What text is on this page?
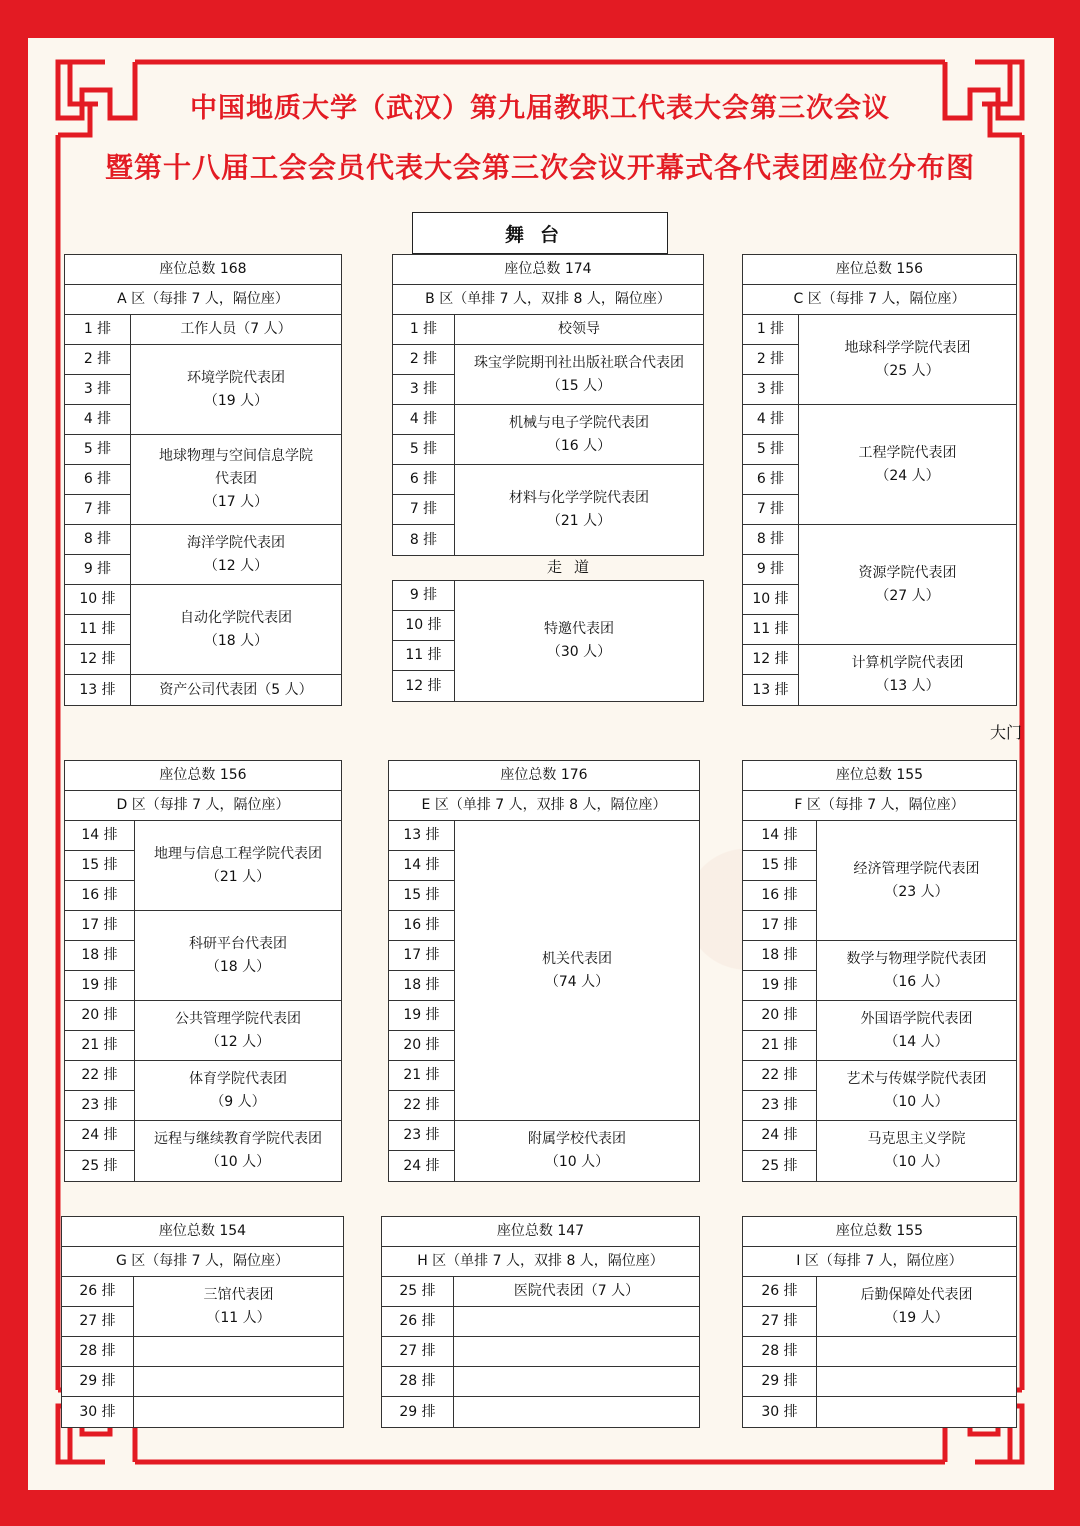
中国地质大学（武汉）第九届教职工代表大会第三次会议
暨第十八届工会会员代表大会第三次会议开幕式各代表团座位分布图
舞台
走道
大门
座位总数 168
A 区（每排 7 人，隔位座）
1 排
2 排
3 排
4 排
5 排
6 排
7 排
8 排
9 排
10 排
11 排
12 排
13 排
工作人员（7 人）
环境学院代表团
（19 人）
地球物理与空间信息学院
代表团
（17 人）
海洋学院代表团
（12 人）
自动化学院代表团
（18 人）
资产公司代表团（5 人）
座位总数 174
B 区（单排 7 人，双排 8 人，隔位座）
1 排
2 排
3 排
4 排
5 排
6 排
7 排
8 排
校领导
珠宝学院期刊社出版社联合代表团
（15 人）
机械与电子学院代表团
（16 人）
材料与化学学院代表团
（21 人）
9 排
10 排
11 排
12 排
特邀代表团
（30 人）
座位总数 156
C 区（每排 7 人，隔位座）
1 排
2 排
3 排
4 排
5 排
6 排
7 排
8 排
9 排
10 排
11 排
12 排
13 排
地球科学学院代表团
（25 人）
工程学院代表团
（24 人）
资源学院代表团
（27 人）
计算机学院代表团
（13 人）
座位总数 156
D 区（每排 7 人，隔位座）
14 排
15 排
16 排
17 排
18 排
19 排
20 排
21 排
22 排
23 排
24 排
25 排
地理与信息工程学院代表团
（21 人）
科研平台代表团
（18 人）
公共管理学院代表团
（12 人）
体育学院代表团
（9 人）
远程与继续教育学院代表团
（10 人）
座位总数 176
E 区（单排 7 人，双排 8 人，隔位座）
13 排
14 排
15 排
16 排
17 排
18 排
19 排
20 排
21 排
22 排
23 排
24 排
机关代表团
（74 人）
附属学校代表团
（10 人）
座位总数 155
F 区（每排 7 人，隔位座）
14 排
15 排
16 排
17 排
18 排
19 排
20 排
21 排
22 排
23 排
24 排
25 排
经济管理学院代表团
（23 人）
数学与物理学院代表团
（16 人）
外国语学院代表团
（14 人）
艺术与传媒学院代表团
（10 人）
马克思主义学院
（10 人）
座位总数 154
G 区（每排 7 人，隔位座）
26 排
27 排
28 排
29 排
30 排
三馆代表团
（11 人）
座位总数 147
H 区（单排 7 人，双排 8 人，隔位座）
25 排
26 排
27 排
28 排
29 排
医院代表团（7 人）
座位总数 155
I 区（每排 7 人，隔位座）
26 排
27 排
28 排
29 排
30 排
后勤保障处代表团
（19 人）
